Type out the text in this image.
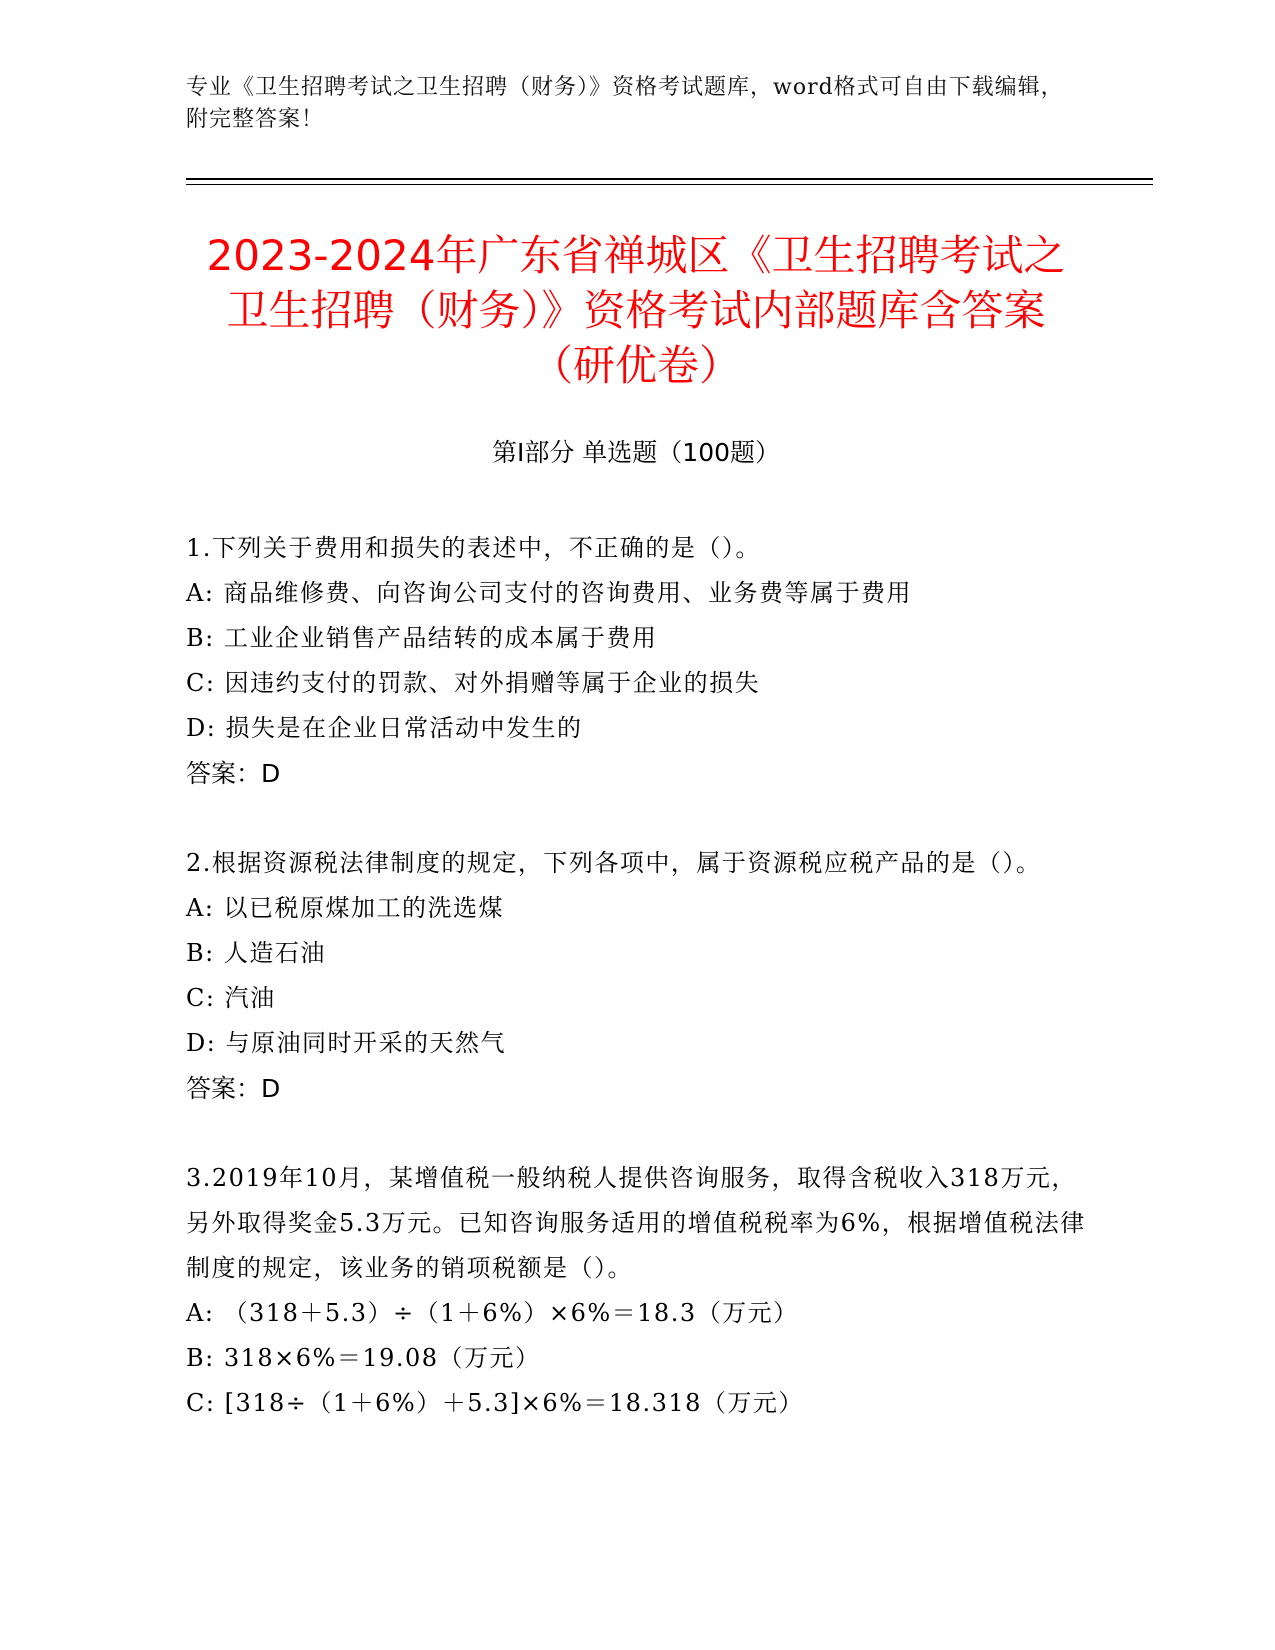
专业《卫生招聘考试之卫生招聘（财务）》资格考试题库，word格式可自由下载编辑，附完整答案！
2023-2024年广东省禅城区《卫生招聘考试之卫生招聘（财务）》资格考试内部题库含答案（研优卷）
第Ⅰ部分 单选题（100题）

1.下列关于费用和损失的表述中，不正确的是（）。

A: 商品维修费、向咨询公司支付的咨询费用、业务费等属于费用

B: 工业企业销售产品结转的成本属于费用

C: 因违约支付的罚款、对外捐赠等属于企业的损失

D: 损失是在企业日常活动中发生的

答案：D

2.根据资源税法律制度的规定，下列各项中，属于资源税应税产品的是（）。

A: 以已税原煤加工的洗选煤

B: 人造石油

C: 汽油

D: 与原油同时开采的天然气

答案：D

3.2019年10月，某增值税一般纳税人提供咨询服务，取得含税收入318万元，另外取得奖金5.3万元。已知咨询服务适用的增值税税率为6%，根据增值税法律制度的规定，该业务的销项税额是（）。

A: （318＋5.3）÷（1＋6%）×6%＝18.3（万元）

B: 318×6%＝19.08（万元）

C: [318÷（1＋6%）＋5.3]×6%＝18.318（万元）
